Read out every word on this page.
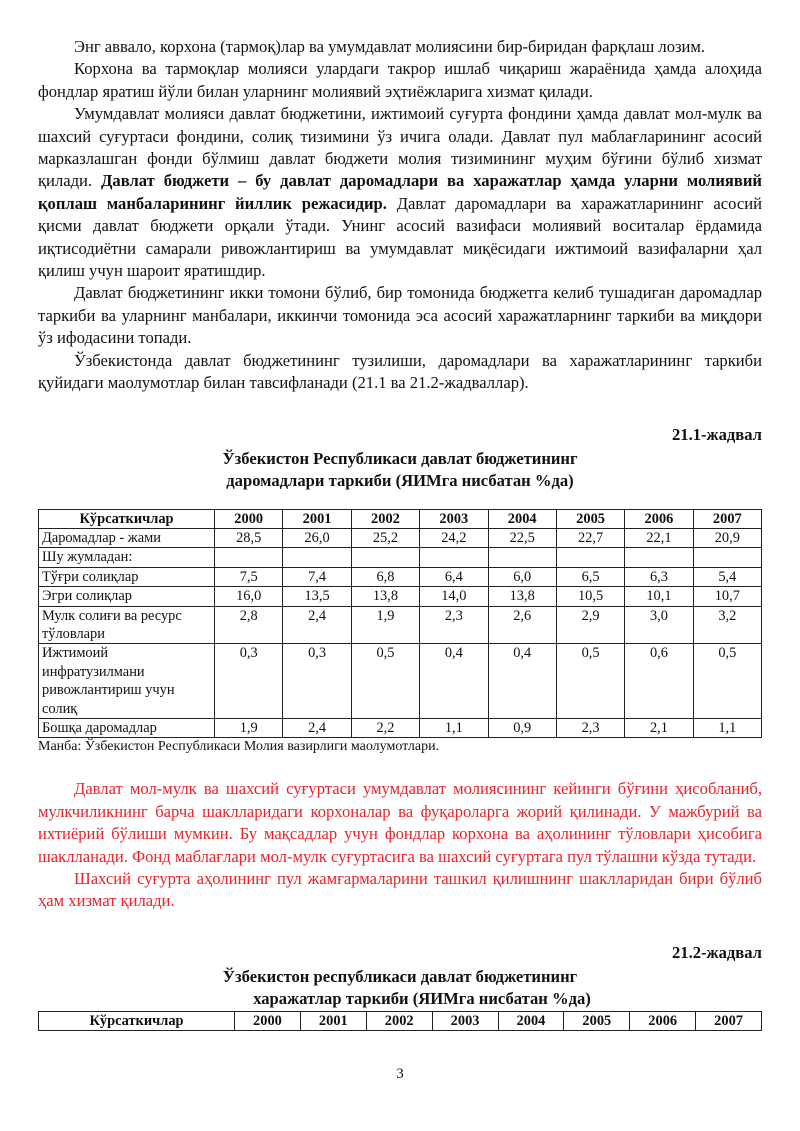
Энг аввало, корхона (тармоқ)лар ва умумдавлат молиясини бир-биридан фарқлаш лозим.

Корхона ва тармоқлар молияси улардаги такрор ишлаб чиқариш жараёнида ҳамда алоҳида фондлар яратиш йўли билан уларнинг молиявий эҳтиёжларига хизмат қилади.

Умумдавлат молияси давлат бюджетини, ижтимоий суғурта фондини ҳамда давлат мол-мулк ва шахсий суғуртаси фондини, солиқ тизимини ўз ичига олади. Давлат пул маблағларининг асосий марказлашган фонди бўлмиш давлат бюджети молия тизимининг муҳим бўғини бўлиб хизмат қилади. Давлат бюджети – бу давлат даромадлари ва харажатлар ҳамда уларни молиявий қоплаш манбаларининг йиллик режасидир. Давлат даромадлари ва харажатларининг асосий қисми давлат бюджети орқали ўтади. Унинг асосий вазифаси молиявий воситалар ёрдамида иқтисодиётни самарали ривожлантириш ва умумдавлат миқёсидаги ижтимоий вазифаларни ҳал қилиш учун шароит яратишдир.

Давлат бюджетининг икки томони бўлиб, бир томонида бюджетга келиб тушадиган даромадлар таркиби ва уларнинг манбалари, иккинчи томонида эса асосий харажатларнинг таркиби ва миқдори ўз ифодасини топади.

Ўзбекистонда давлат бюджетининг тузилиши, даромадлари ва харажатларининг таркиби қуйидаги маолумотлар билан тавсифланади (21.1 ва 21.2-жадваллар).

21.1-жадвал
Ўзбекистон Республикаси давлат бюджетининг
даромадлари таркиби (ЯИМга нисбатан %да)
Кўрсаткичлар	2000	2001	2002	2003	2004	2005	2006	2007
Даромадлар - жами	28,5	26,0	25,2	24,2	22,5	22,7	22,1	20,9
Шу жумладан:								
Тўғри солиқлар	7,5	7,4	6,8	6,4	6,0	6,5	6,3	5,4
Эгри солиқлар	16,0	13,5	13,8	14,0	13,8	10,5	10,1	10,7
Мулк солиғи ва ресурс тўловлари	2,8	2,4	1,9	2,3	2,6	2,9	3,0	3,2
Ижтимоий инфратузилмани ривожлантириш учун солиқ	0,3	0,3	0,5	0,4	0,4	0,5	0,6	0,5
Бошқа даромадлар	1,9	2,4	2,2	1,1	0,9	2,3	2,1	1,1
Манба: Ўзбекистон Республикаси Молия вазирлиги маолумотлари.

Давлат мол-мулк ва шахсий суғуртаси умумдавлат молиясининг кейинги бўғини ҳисобланиб, мулкчиликнинг барча шаклларидаги корхоналар ва фуқароларга жорий қилинади. У мажбурий ва ихтиёрий бўлиши мумкин. Бу мақсадлар учун фондлар корхона ва аҳолининг тўловлари ҳисобига шаклланади. Фонд маблағлари мол-мулк суғуртасига ва шахсий суғуртага пул тўлашни кўзда тутади.

Шахсий суғурта аҳолининг пул жамғармаларини ташкил қилишнинг шаклларидан бири бўлиб ҳам хизмат қилади.

21.2-жадвал
Ўзбекистон республикаси давлат бюджетининг
харажатлар таркиби (ЯИМга нисбатан %да)
Кўрсаткичлар	2000	2001	2002	2003	2004	2005	2006	2007
3
